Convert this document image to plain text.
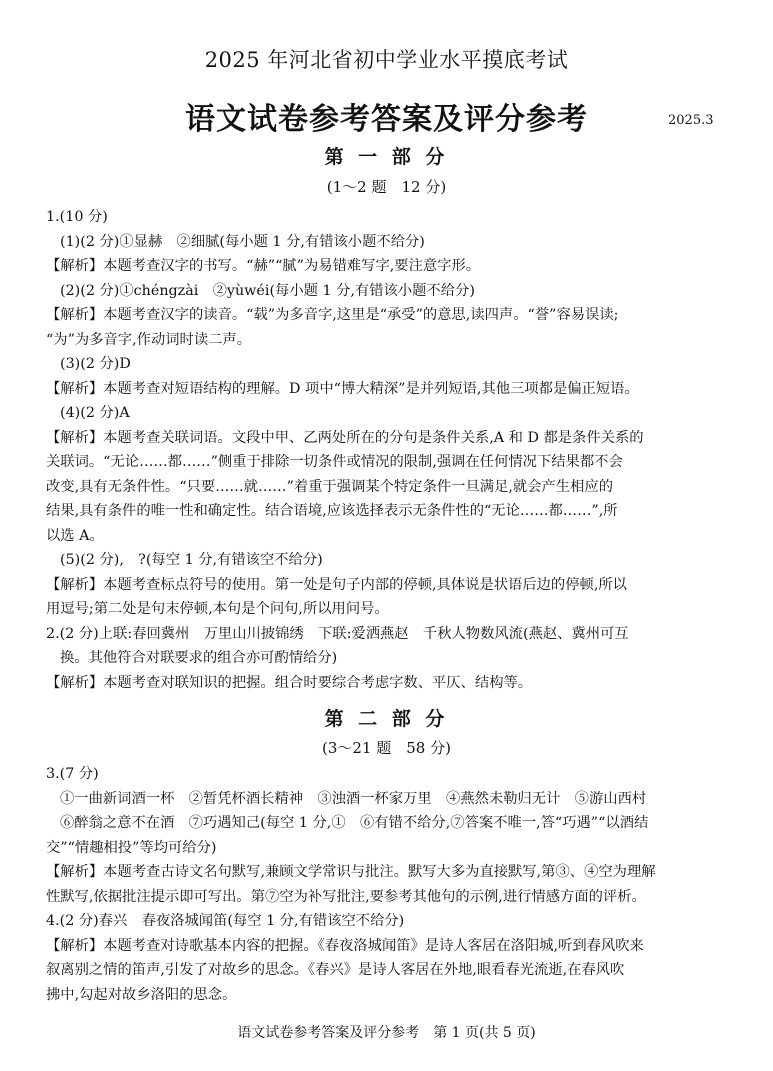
2025 年河北省初中学业水平摸底考试
语文试卷参考答案及评分参考	2025.3
第 一 部 分
(1～2 题　12 分)

1.(10 分)

(1)(2 分)①显赫　②细腻(每小题 1 分,有错该小题不给分)

【解析】本题考查汉字的书写。“赫”“腻”为易错难写字,要注意字形。

(2)(2 分)①chéngzài　②yùwéi(每小题 1 分,有错该小题不给分)

【解析】本题考查汉字的读音。“载”为多音字,这里是“承受”的意思,读四声。“誉”容易误读;

“为”为多音字,作动词时读二声。

(3)(2 分)D

【解析】本题考查对短语结构的理解。D 项中“博大精深”是并列短语,其他三项都是偏正短语。

(4)(2 分)A

【解析】本题考查关联词语。文段中甲、乙两处所在的分句是条件关系,A 和 D 都是条件关系的

关联词。“无论……都……”侧重于排除一切条件或情况的限制,强调在任何情况下结果都不会

改变,具有无条件性。“只要……就……”着重于强调某个特定条件一旦满足,就会产生相应的

结果,具有条件的唯一性和确定性。结合语境,应该选择表示无条件性的“无论……都……”,所

以选 A。

(5)(2 分),　?(每空 1 分,有错该空不给分)

【解析】本题考查标点符号的使用。第一处是句子内部的停顿,具体说是状语后边的停顿,所以

用逗号;第二处是句末停顿,本句是个问句,所以用问号。

2.(2 分)上联:春回冀州　万里山川披锦绣　下联:爱洒燕赵　千秋人物数风流(燕赵、冀州可互

换。其他符合对联要求的组合亦可酌情给分)

【解析】本题考查对联知识的把握。组合时要综合考虑字数、平仄、结构等。

第 二 部 分
(3～21 题　58 分)

3.(7 分)

①一曲新词酒一杯　②暂凭杯酒长精神　③浊酒一杯家万里　④燕然未勒归无计　⑤游山西村

⑥醉翁之意不在酒　⑦巧遇知己(每空 1 分,①　⑥有错不给分,⑦答案不唯一,答“巧遇”“以酒结

交”“情趣相投”等均可给分)

【解析】本题考查古诗文名句默写,兼顾文学常识与批注。默写大多为直接默写,第③、④空为理解

性默写,依据批注提示即可写出。第⑦空为补写批注,要参考其他句的示例,进行情感方面的评析。

4.(2 分)春兴　春夜洛城闻笛(每空 1 分,有错该空不给分)

【解析】本题考查对诗歌基本内容的把握。《春夜洛城闻笛》是诗人客居在洛阳城,听到春风吹来

叙离别之情的笛声,引发了对故乡的思念。《春兴》是诗人客居在外地,眼看春光流逝,在春风吹

拂中,勾起对故乡洛阳的思念。

语文试卷参考答案及评分参考　第 1 页(共 5 页)
